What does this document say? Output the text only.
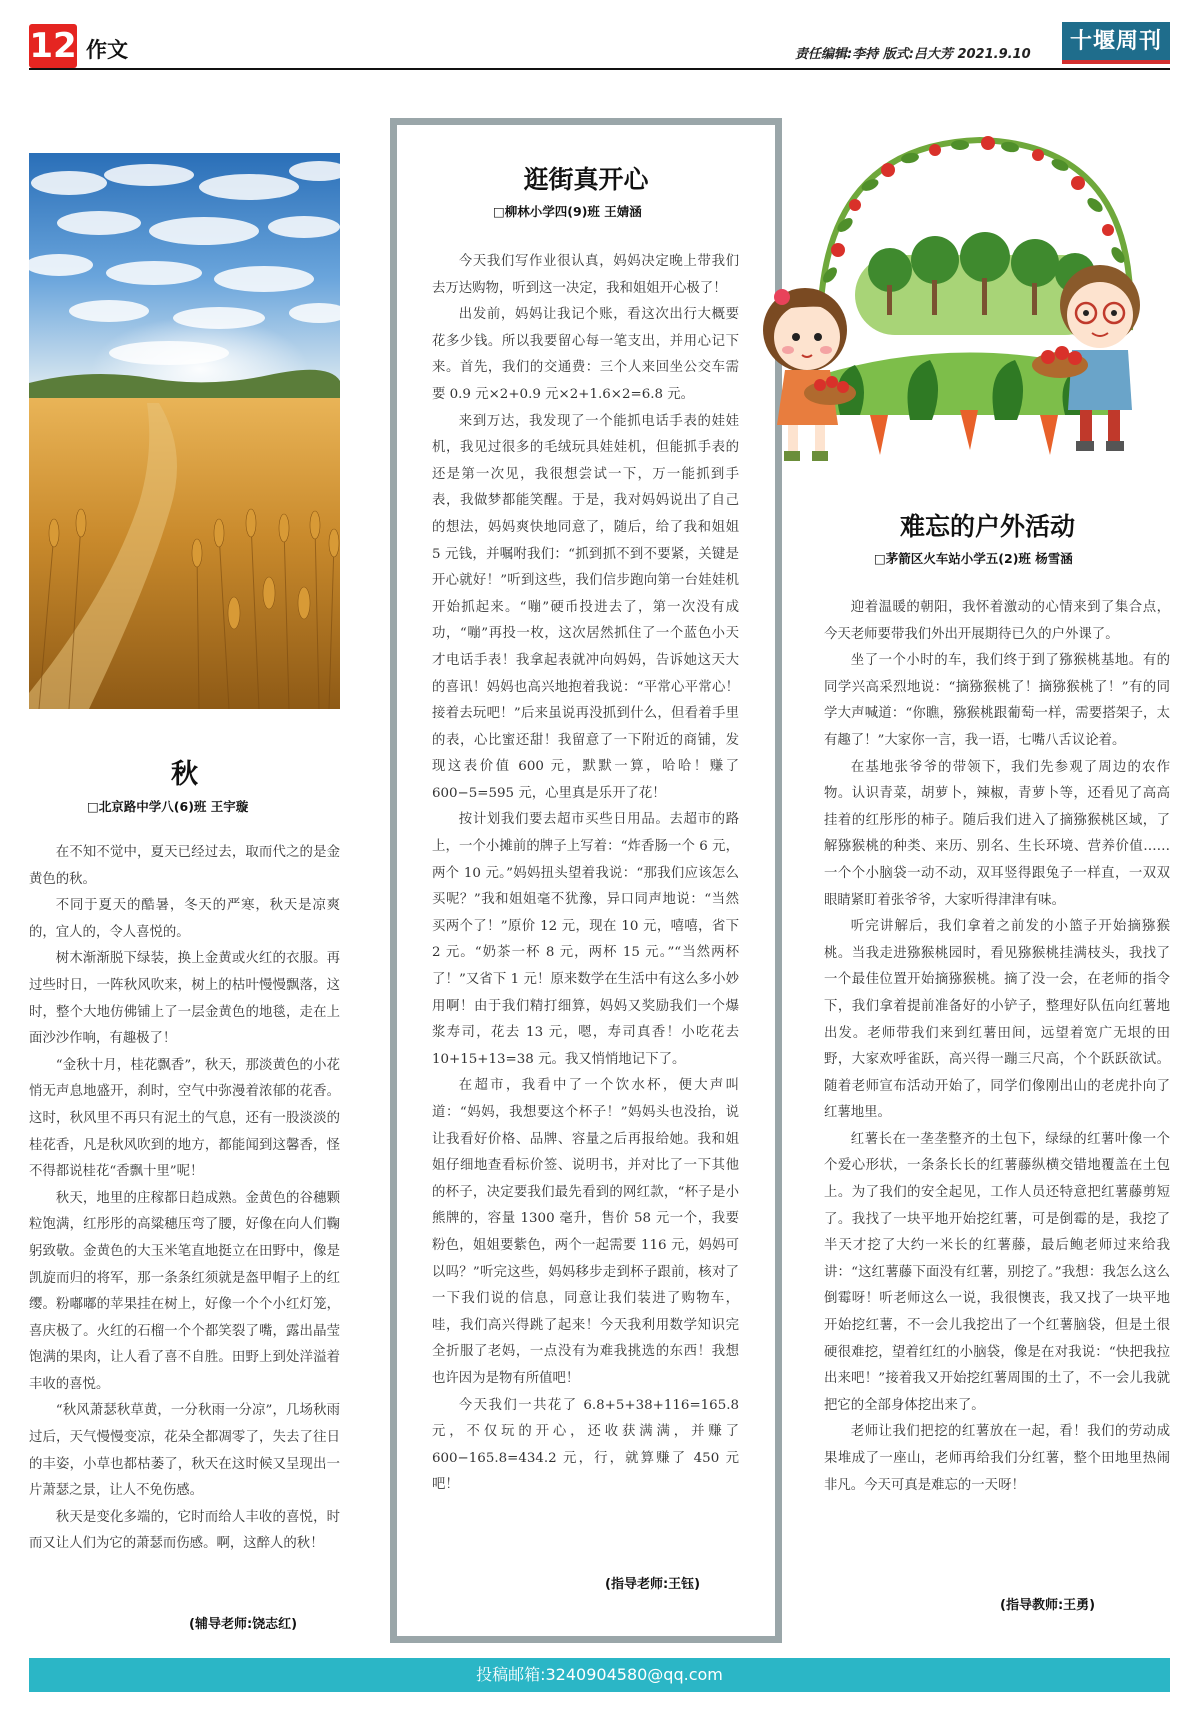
12 作文	责任编辑:李持 版式:吕大芳 2021.9.10
十堰周刊
秋
□北京路中学八(6)班 王宇璇

在不知不觉中，夏天已经过去，取而代之的是金黄色的秋。

不同于夏天的酷暑，冬天的严寒，秋天是凉爽的，宜人的，令人喜悦的。

树木渐渐脱下绿装，换上金黄或火红的衣服。再过些时日，一阵秋风吹来，树上的枯叶慢慢飘落，这时，整个大地仿佛铺上了一层金黄色的地毯，走在上面沙沙作响，有趣极了！

“金秋十月，桂花飘香”，秋天，那淡黄色的小花悄无声息地盛开，刹时，空气中弥漫着浓郁的花香。这时，秋风里不再只有泥土的气息，还有一股淡淡的桂花香，凡是秋风吹到的地方，都能闻到这馨香，怪不得都说桂花“香飘十里”呢！

秋天，地里的庄稼都日趋成熟。金黄色的谷穗颗粒饱满，红彤彤的高粱穗压弯了腰，好像在向人们鞠躬致敬。金黄色的大玉米笔直地挺立在田野中，像是凯旋而归的将军，那一条条红须就是盔甲帽子上的红缨。粉嘟嘟的苹果挂在树上，好像一个个小红灯笼，喜庆极了。火红的石榴一个个都笑裂了嘴，露出晶莹饱满的果肉，让人看了喜不自胜。田野上到处洋溢着丰收的喜悦。

“秋风萧瑟秋草黄，一分秋雨一分凉”，几场秋雨过后，天气慢慢变凉，花朵全都凋零了，失去了往日的丰姿，小草也都枯萎了，秋天在这时候又呈现出一片萧瑟之景，让人不免伤感。

秋天是变化多端的，它时而给人丰收的喜悦，时而又让人们为它的萧瑟而伤感。啊，这醉人的秋！

(辅导老师:饶志红)
逛街真开心
□柳林小学四(9)班 王婧涵

今天我们写作业很认真，妈妈决定晚上带我们去万达购物，听到这一决定，我和姐姐开心极了！

出发前，妈妈让我记个账，看这次出行大概要花多少钱。所以我要留心每一笔支出，并用心记下来。首先，我们的交通费：三个人来回坐公交车需要 0.9 元×2+0.9 元×2+1.6×2=6.8 元。

来到万达，我发现了一个能抓电话手表的娃娃机，我见过很多的毛绒玩具娃娃机，但能抓手表的还是第一次见，我很想尝试一下，万一能抓到手表，我做梦都能笑醒。于是，我对妈妈说出了自己的想法，妈妈爽快地同意了，随后，给了我和姐姐 5 元钱，并嘱咐我们：“抓到抓不到不要紧，关键是开心就好！”听到这些，我们信步跑向第一台娃娃机开始抓起来。“嘣”硬币投进去了，第一次没有成功，“嘣”再投一枚，这次居然抓住了一个蓝色小天才电话手表！我拿起表就冲向妈妈，告诉她这天大的喜讯！妈妈也高兴地抱着我说：“平常心平常心！接着去玩吧！”后来虽说再没抓到什么，但看着手里的表，心比蜜还甜！我留意了一下附近的商铺，发现这表价值 600 元，默默一算，哈哈！赚了 600−5=595 元，心里真是乐开了花！

按计划我们要去超市买些日用品。去超市的路上，一个小摊前的牌子上写着：“炸香肠一个 6 元，两个 10 元。”妈妈扭头望着我说：“那我们应该怎么买呢？”我和姐姐毫不犹豫，异口同声地说：“当然买两个了！”原价 12 元，现在 10 元，嘻嘻，省下 2 元。“奶茶一杯 8 元，两杯 15 元。”“当然两杯了！”又省下 1 元！原来数学在生活中有这么多小妙用啊！由于我们精打细算，妈妈又奖励我们一个爆浆寿司，花去 13 元，嗯，寿司真香！小吃花去 10+15+13=38 元。我又悄悄地记下了。

在超市，我看中了一个饮水杯，便大声叫道：“妈妈，我想要这个杯子！”妈妈头也没抬，说让我看好价格、品牌、容量之后再报给她。我和姐姐仔细地查看标价签、说明书，并对比了一下其他的杯子，决定要我们最先看到的网红款，“杯子是小熊牌的，容量 1300 毫升，售价 58 元一个，我要粉色，姐姐要紫色，两个一起需要 116 元，妈妈可以吗？”听完这些，妈妈移步走到杯子跟前，核对了一下我们说的信息，同意让我们装进了购物车，哇，我们高兴得跳了起来！今天我利用数学知识完全折服了老妈，一点没有为难我挑选的东西！我想也许因为是物有所值吧！

今天我们一共花了 6.8+5+38+116=165.8 元，不仅玩的开心，还收获满满，并赚了 600−165.8=434.2 元，行，就算赚了 450 元吧！

(指导老师:王钰)
难忘的户外活动
□茅箭区火车站小学五(2)班 杨雪涵

迎着温暖的朝阳，我怀着激动的心情来到了集合点，今天老师要带我们外出开展期待已久的户外课了。

坐了一个小时的车，我们终于到了猕猴桃基地。有的同学兴高采烈地说：“摘猕猴桃了！摘猕猴桃了！”有的同学大声喊道：“你瞧，猕猴桃跟葡萄一样，需要搭架子，太有趣了！”大家你一言，我一语，七嘴八舌议论着。

在基地张爷爷的带领下，我们先参观了周边的农作物。认识青菜，胡萝卜，辣椒，青萝卜等，还看见了高高挂着的红彤彤的柿子。随后我们进入了摘猕猴桃区域，了解猕猴桃的种类、来历、别名、生长环境、营养价值……一个个小脑袋一动不动，双耳竖得跟兔子一样直，一双双眼睛紧盯着张爷爷，大家听得津津有味。

听完讲解后，我们拿着之前发的小篮子开始摘猕猴桃。当我走进猕猴桃园时，看见猕猴桃挂满枝头，我找了一个最佳位置开始摘猕猴桃。摘了没一会，在老师的指令下，我们拿着提前准备好的小铲子，整理好队伍向红薯地出发。老师带我们来到红薯田间，远望着宽广无垠的田野，大家欢呼雀跃，高兴得一蹦三尺高，个个跃跃欲试。随着老师宣布活动开始了，同学们像刚出山的老虎扑向了红薯地里。

红薯长在一垄垄整齐的土包下，绿绿的红薯叶像一个个爱心形状，一条条长长的红薯藤纵横交错地覆盖在土包上。为了我们的安全起见，工作人员还特意把红薯藤剪短了。我找了一块平地开始挖红薯，可是倒霉的是，我挖了半天才挖了大约一米长的红薯藤，最后鲍老师过来给我讲：“这红薯藤下面没有红薯，别挖了。”我想：我怎么这么倒霉呀！听老师这么一说，我很懊丧，我又找了一块平地开始挖红薯，不一会儿我挖出了一个红薯脑袋，但是土很硬很难挖，望着红红的小脑袋，像是在对我说：“快把我拉出来吧！”接着我又开始挖红薯周围的土了，不一会儿我就把它的全部身体挖出来了。

老师让我们把挖的红薯放在一起，看！我们的劳动成果堆成了一座山，老师再给我们分红薯，整个田地里热闹非凡。今天可真是难忘的一天呀！

(指导教师:王勇)
投稿邮箱:3240904580@qq.com
